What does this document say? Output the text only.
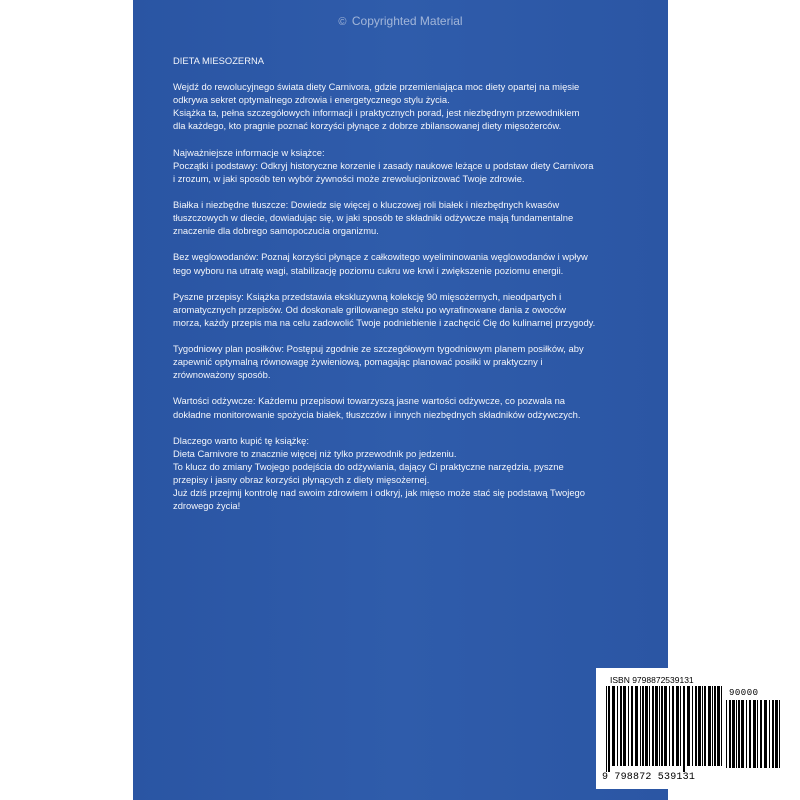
© Copyrighted Material

DIETA MIESOZERNA

Wejdź do rewolucyjnego świata diety Carnivora, gdzie przemieniająca moc diety opartej na mięsie
odkrywa sekret optymalnego zdrowia i energetycznego stylu życia.
Książka ta, pełna szczegółowych informacji i praktycznych porad, jest niezbędnym przewodnikiem
dla każdego, kto pragnie poznać korzyści płynące z dobrze zbilansowanej diety mięsożerców.

Najważniejsze informacje w książce:
Początki i podstawy: Odkryj historyczne korzenie i zasady naukowe leżące u podstaw diety Carnivora
i zrozum, w jaki sposób ten wybór żywności może zrewolucjonizować Twoje zdrowie.

Białka i niezbędne tłuszcze: Dowiedz się więcej o kluczowej roli białek i niezbędnych kwasów
tłuszczowych w diecie, dowiadując się, w jaki sposób te składniki odżywcze mają fundamentalne
znaczenie dla dobrego samopoczucia organizmu.

Bez węglowodanów: Poznaj korzyści płynące z całkowitego wyeliminowania węglowodanów i wpływ
tego wyboru na utratę wagi, stabilizację poziomu cukru we krwi i zwiększenie poziomu energii.

Pyszne przepisy: Książka przedstawia ekskluzywną kolekcję 90 mięsożernych, nieodpartych i
aromatycznych przepisów. Od doskonale grillowanego steku po wyrafinowane dania z owoców
morza, każdy przepis ma na celu zadowolić Twoje podniebienie i zachęcić Cię do kulinarnej przygody.

Tygodniowy plan posiłków: Postępuj zgodnie ze szczegółowym tygodniowym planem posiłków, aby
zapewnić optymalną równowagę żywieniową, pomagając planować posiłki w praktyczny i
zrównoważony sposób.

Wartości odżywcze: Każdemu przepisowi towarzyszą jasne wartości odżywcze, co pozwala na
dokładne monitorowanie spożycia białek, tłuszczów i innych niezbędnych składników odżywczych.

Dlaczego warto kupić tę książkę:
Dieta Carnivore to znacznie więcej niż tylko przewodnik po jedzeniu.
To klucz do zmiany Twojego podejścia do odżywiania, dający Ci praktyczne narzędzia, pyszne
przepisy i jasny obraz korzyści płynących z diety mięsożernej.
Już dziś przejmij kontrolę nad swoim zdrowiem i odkryj, jak mięso może stać się podstawą Twojego
zdrowego życia!

ISBN 9798872539131
90000
9 798872 539131
